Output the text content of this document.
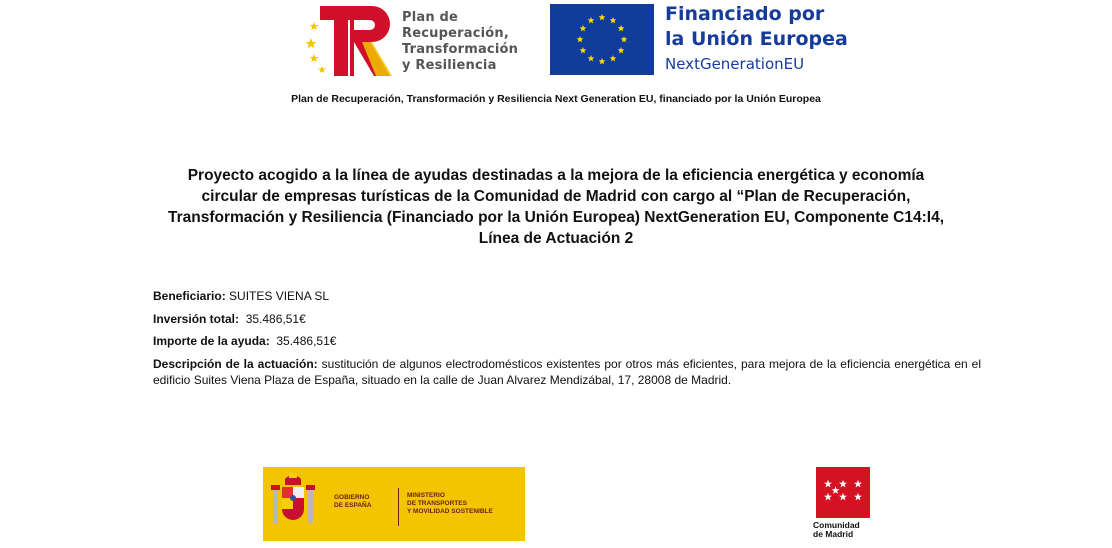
Plan de
Recuperación,
Transformación
y Resiliencia
Financiado por
la Unión Europea
NextGenerationEU
Plan de Recuperación, Transformación y Resiliencia Next Generation EU, financiado por la Unión Europea
Proyecto acogido a la línea de ayudas destinadas a la mejora de la eficiencia energética y economía circular de empresas turísticas de la Comunidad de Madrid con cargo al “Plan de Recuperación, Transformación y Resiliencia (Financiado por la Unión Europea) NextGeneration EU, Componente C14:I4, Línea de Actuación 2
Beneficiario: SUITES VIENA SL
Inversión total: 35.486,51€
Importe de la ayuda: 35.486,51€
Descripción de la actuación: sustitución de algunos electrodomésticos existentes por otros más eficientes, para mejora de la eficiencia energética en el edificio Suites Viena Plaza de España, situado en la calle de Juan Alvarez Mendizábal, 17, 28008 de Madrid.
GOBIERNO
DE ESPAÑA
MINISTERIO
DE TRANSPORTES
Y MOVILIDAD SOSTENIBLE
Comunidad
de Madrid
